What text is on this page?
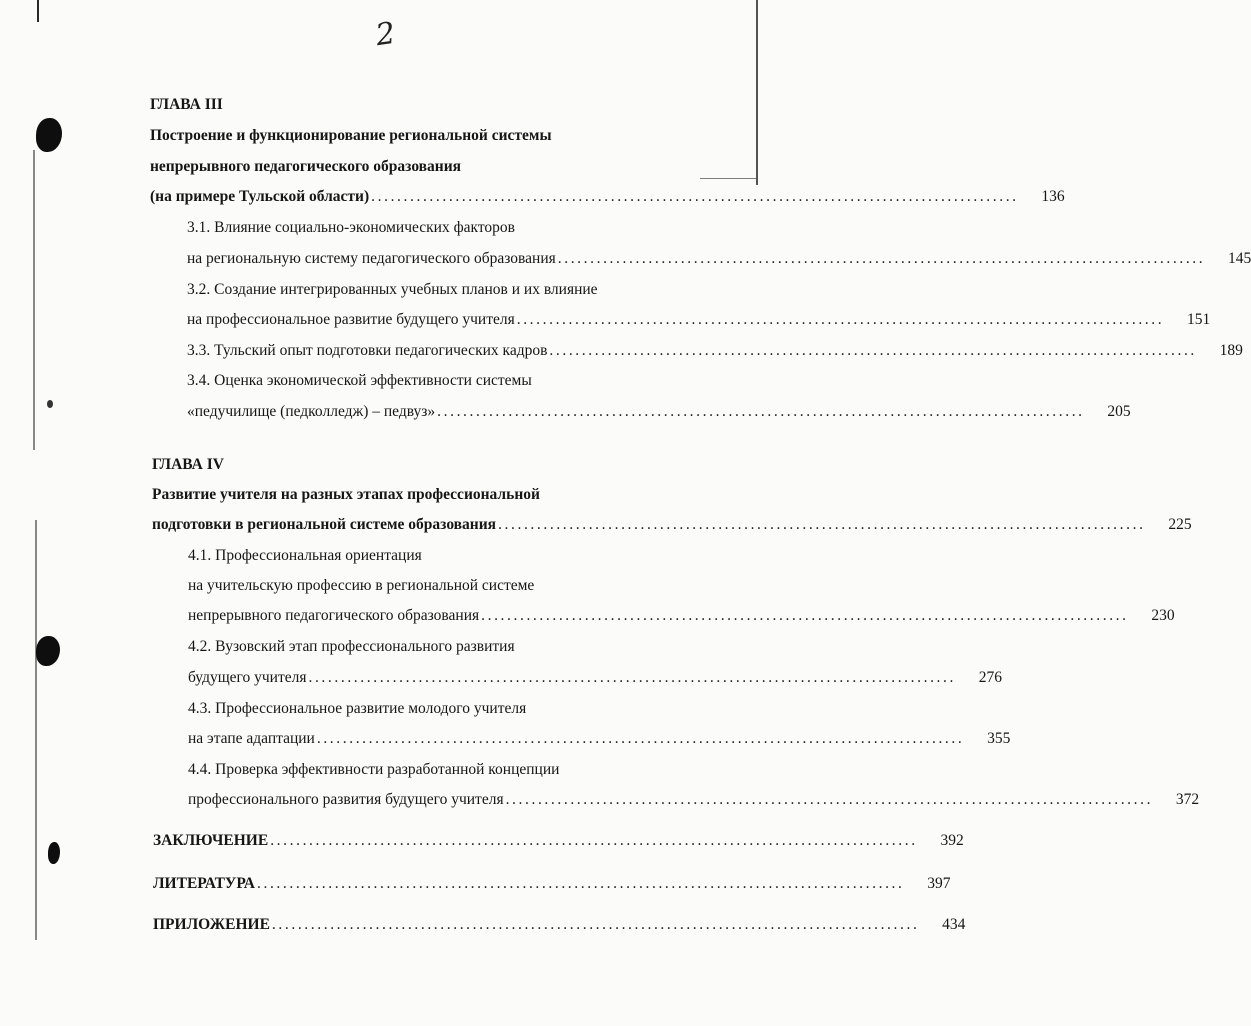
2
ГЛАВА III
Построение и функционирование региональной системы
непрерывного педагогического образования
(на примере Тульской области) ....................................................................................................	136
3.1. Влияние социально-экономических факторов
на региональную систему педагогического образования ....................................................................................................	145
3.2. Создание интегрированных учебных планов и их влияние
на профессиональное развитие будущего учителя ....................................................................................................	151
3.3. Тульский опыт подготовки педагогических кадров ....................................................................................................	189
3.4. Оценка экономической эффективности системы
«педучилище (педколледж) – педвуз» ....................................................................................................	205
ГЛАВА IV
Развитие учителя на разных этапах профессиональной
подготовки в региональной системе образования ....................................................................................................	225
4.1. Профессиональная ориентация
на учительскую профессию в региональной системе
непрерывного педагогического образования ....................................................................................................	230
4.2. Вузовский этап профессионального развития
будущего учителя ....................................................................................................	276
4.3. Профессиональное развитие молодого учителя
на этапе адаптации ....................................................................................................	355
4.4. Проверка эффективности разработанной концепции
профессионального развития будущего учителя ....................................................................................................	372
ЗАКЛЮЧЕНИЕ ....................................................................................................	392
ЛИТЕРАТУРА ....................................................................................................	397
ПРИЛОЖЕНИЕ ....................................................................................................	434
